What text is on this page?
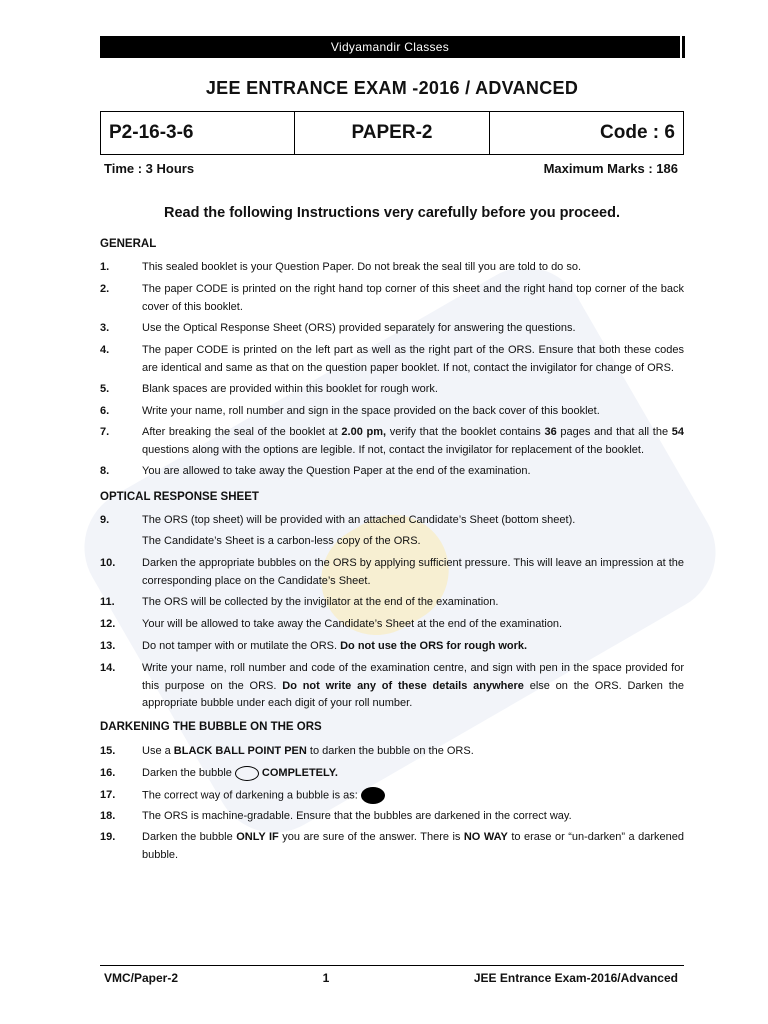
Vidyamandir Classes
JEE ENTRANCE EXAM -2016 / ADVANCED
P2-16-3-6	PAPER-2	Code : 6
Time : 3 Hours	Maximum Marks : 186
Read the following Instructions very carefully before you proceed.
GENERAL
1.	This sealed booklet is your Question Paper. Do not break the seal till you are told to do so.
2.	The paper CODE is printed on the right hand top corner of this sheet and the right hand top corner of the back cover of this booklet.
3.	Use the Optical Response Sheet (ORS) provided separately for answering the questions.
4.	The paper CODE is printed on the left part as well as the right part of the ORS. Ensure that both these codes are identical and same as that on the question paper booklet. If not, contact the invigilator for change of ORS.
5.	Blank spaces are provided within this booklet for rough work.
6.	Write your name, roll number and sign in the space provided on the back cover of this booklet.
7.	After breaking the seal of the booklet at 2.00 pm, verify that the booklet contains 36 pages and that all the 54 questions along with the options are legible. If not, contact the invigilator for replacement of the booklet.
8.	You are allowed to take away the Question Paper at the end of the examination.
OPTICAL RESPONSE SHEET
9.	The ORS (top sheet) will be provided with an attached Candidate’s Sheet (bottom sheet).
The Candidate’s Sheet is a carbon-less copy of the ORS.
10.	Darken the appropriate bubbles on the ORS by applying sufficient pressure. This will leave an impression at the corresponding place on the Candidate’s Sheet.
11.	The ORS will be collected by the invigilator at the end of the examination.
12.	Your will be allowed to take away the Candidate’s Sheet at the end of the examination.
13.	Do not tamper with or mutilate the ORS. Do not use the ORS for rough work.
14.	Write your name, roll number and code of the examination centre, and sign with pen in the space provided for this purpose on the ORS. Do not write any of these details anywhere else on the ORS. Darken the appropriate bubble under each digit of your roll number.
DARKENING THE BUBBLE ON THE ORS
15.	Use a BLACK BALL POINT PEN to darken the bubble on the ORS.
16.	Darken the bubble	COMPLETELY.
17.	The correct way of darkening a bubble is as:
18.	The ORS is machine-gradable. Ensure that the bubbles are darkened in the correct way.
19.	Darken the bubble ONLY IF you are sure of the answer. There is NO WAY to erase or “un-darken” a darkened bubble.
VMC/Paper-2	1	JEE Entrance Exam-2016/Advanced
